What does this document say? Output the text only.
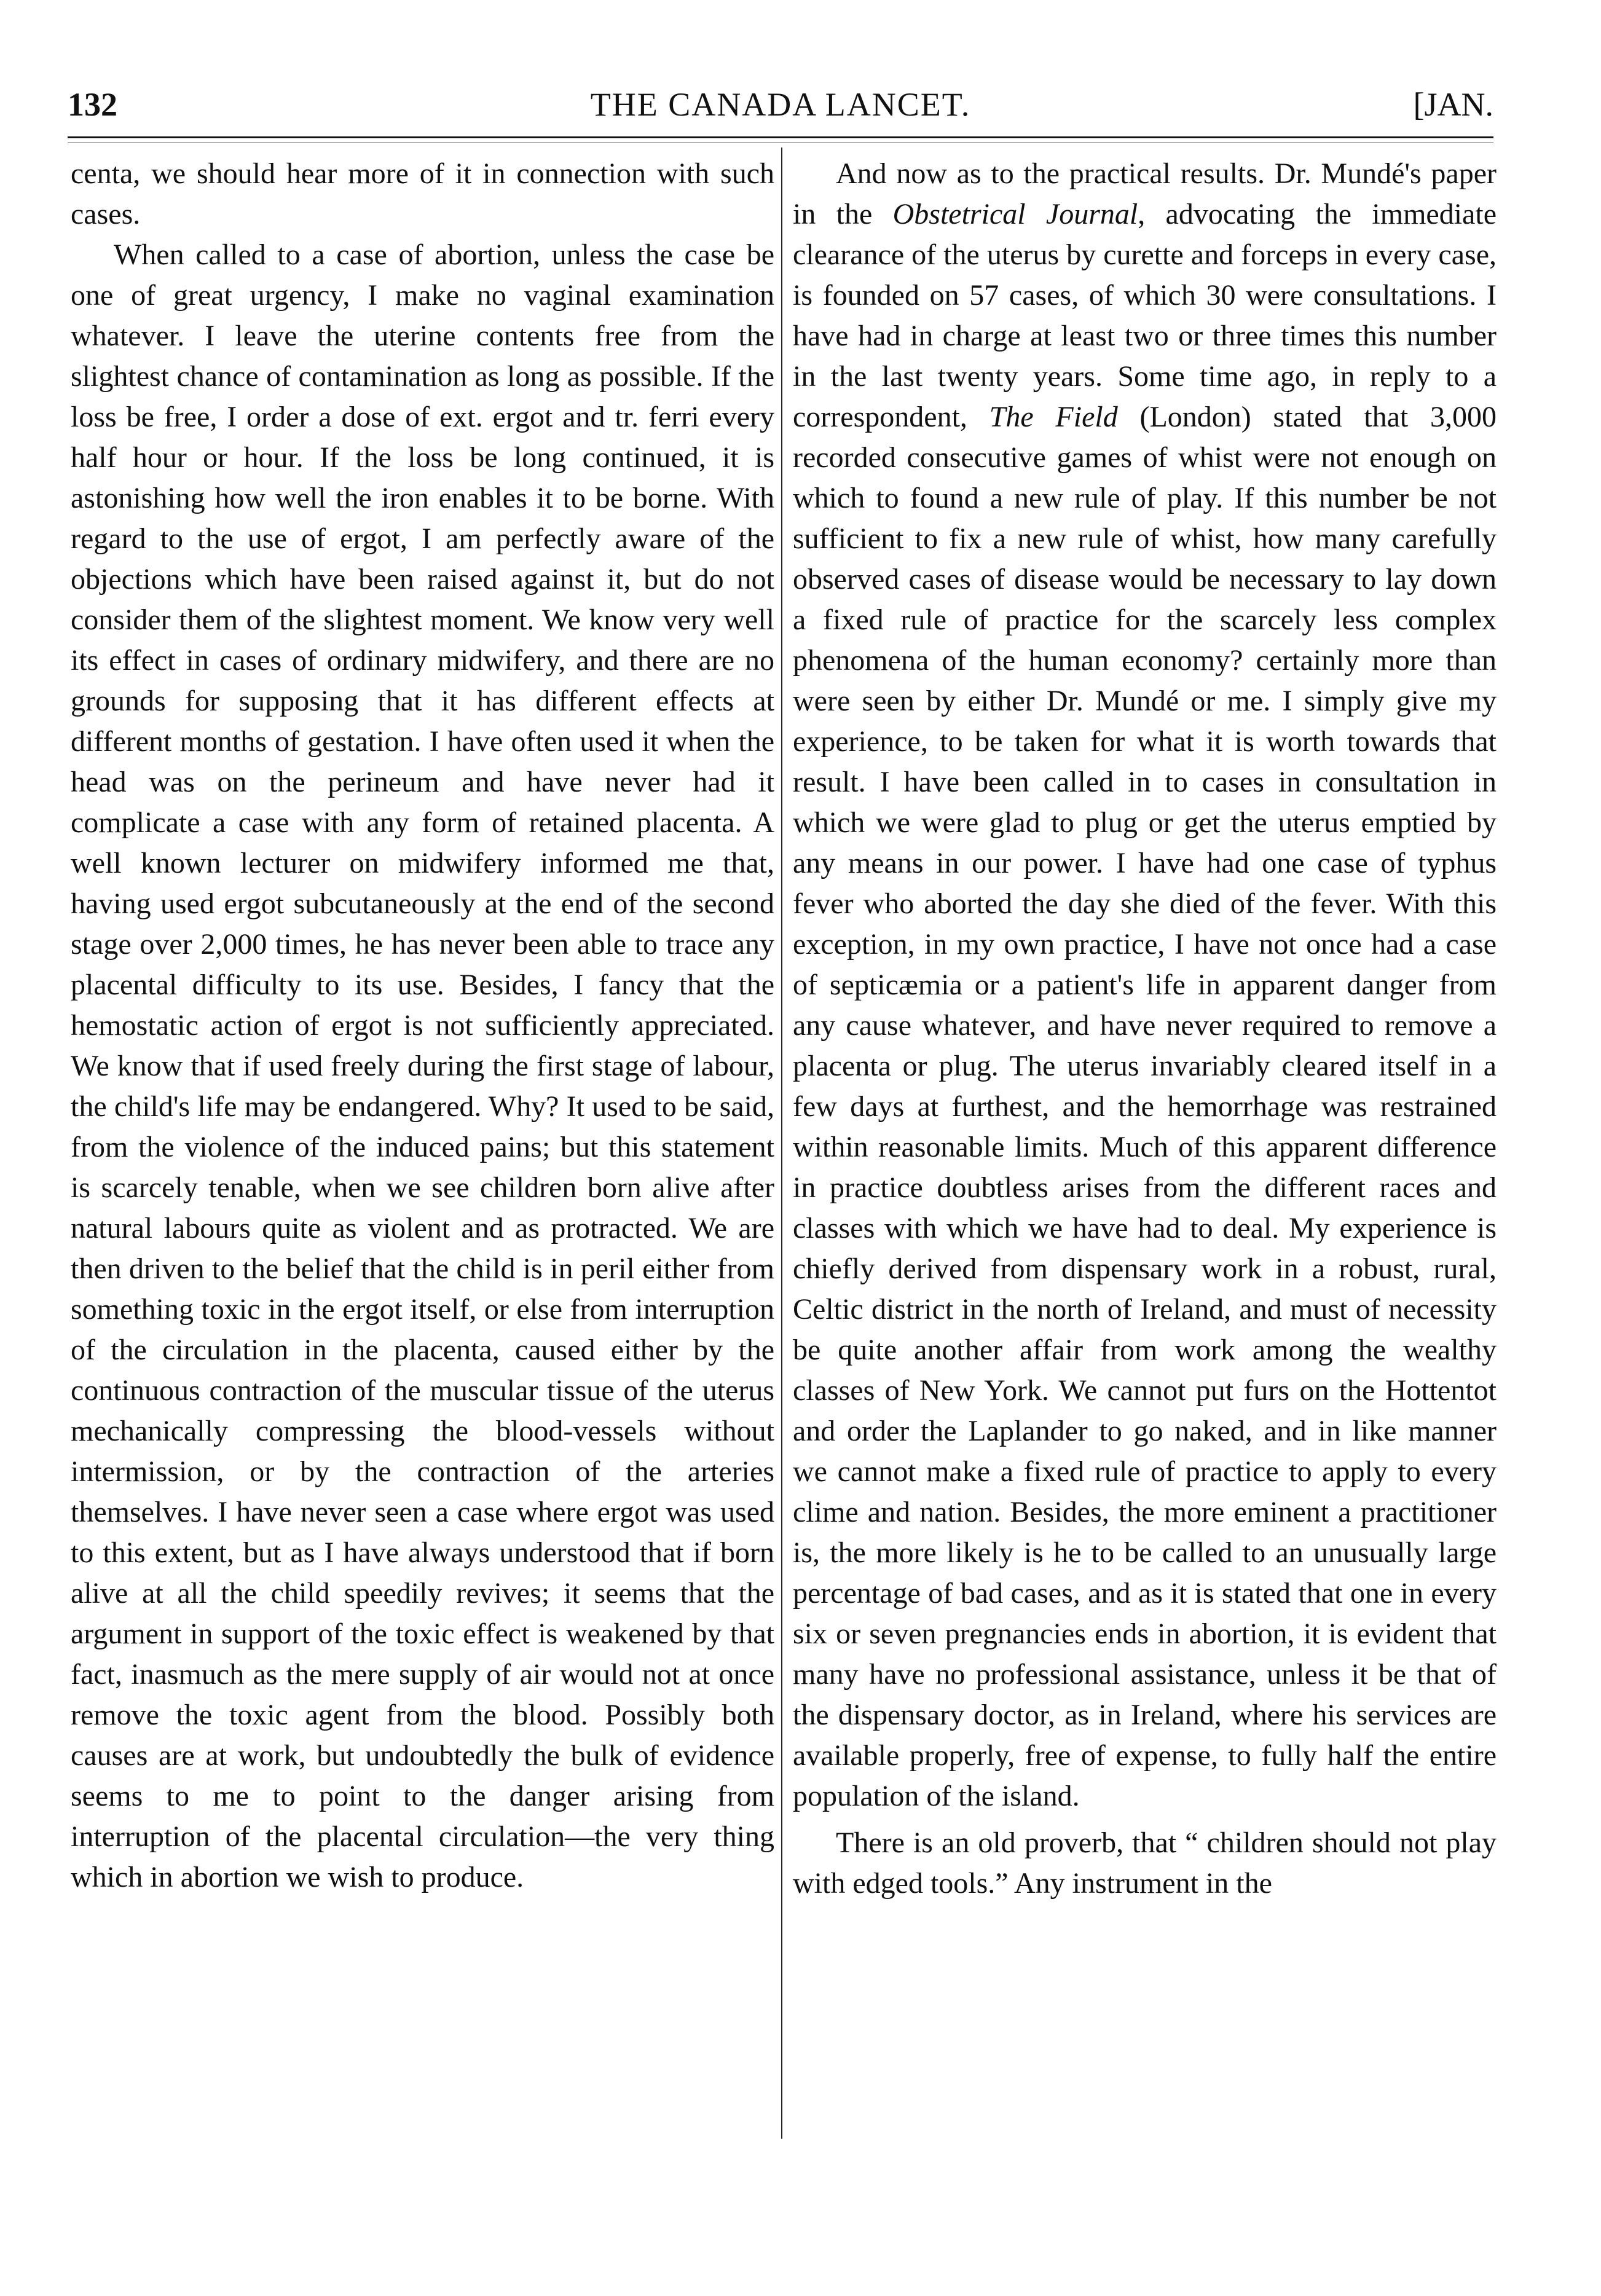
132	THE CANADA LANCET.	[JAN.

centa, we should hear more of it in connection with such cases.

When called to a case of abortion, unless the case be one of great urgency, I make no vaginal examination whatever. I leave the uterine contents free from the slightest chance of contamination as long as possible. If the loss be free, I order a dose of ext. ergot and tr. ferri every half hour or hour. If the loss be long continued, it is astonishing how well the iron enables it to be borne. With regard to the use of ergot, I am perfectly aware of the objections which have been raised against it, but do not consider them of the slightest moment. We know very well its effect in cases of ordinary midwifery, and there are no grounds for supposing that it has different effects at different months of gestation. I have often used it when the head was on the perineum and have never had it complicate a case with any form of retained placenta. A well known lecturer on midwifery informed me that, having used ergot subcutaneously at the end of the second stage over 2,000 times, he has never been able to trace any placental difficulty to its use. Besides, I fancy that the hemostatic action of ergot is not sufficiently appreciated. We know that if used freely during the first stage of labour, the child's life may be endangered. Why? It used to be said, from the violence of the induced pains; but this statement is scarcely tenable, when we see children born alive after natural labours quite as violent and as protracted. We are then driven to the belief that the child is in peril either from something toxic in the ergot itself, or else from interruption of the circulation in the placenta, caused either by the continuous contraction of the muscular tissue of the uterus mechanically compressing the blood-vessels without intermission, or by the contraction of the arteries themselves. I have never seen a case where ergot was used to this extent, but as I have always understood that if born alive at all the child speedily revives; it seems that the argument in support of the toxic effect is weakened by that fact, inasmuch as the mere supply of air would not at once remove the toxic agent from the blood. Possibly both causes are at work, but undoubtedly the bulk of evidence seems to me to point to the danger arising from interruption of the placental circulation—the very thing which in abortion we wish to produce.

And now as to the practical results. Dr. Mundé's paper in the Obstetrical Journal, advocating the immediate clearance of the uterus by curette and forceps in every case, is founded on 57 cases, of which 30 were consultations. I have had in charge at least two or three times this number in the last twenty years. Some time ago, in reply to a correspondent, The Field (London) stated that 3,000 recorded consecutive games of whist were not enough on which to found a new rule of play. If this number be not sufficient to fix a new rule of whist, how many carefully observed cases of disease would be necessary to lay down a fixed rule of practice for the scarcely less complex phenomena of the human economy? certainly more than were seen by either Dr. Mundé or me. I simply give my experience, to be taken for what it is worth towards that result. I have been called in to cases in consultation in which we were glad to plug or get the uterus emptied by any means in our power. I have had one case of typhus fever who aborted the day she died of the fever. With this exception, in my own practice, I have not once had a case of septicæmia or a patient's life in apparent danger from any cause whatever, and have never required to remove a placenta or plug. The uterus invariably cleared itself in a few days at furthest, and the hemorrhage was restrained within reasonable limits. Much of this apparent difference in practice doubtless arises from the different races and classes with which we have had to deal. My experience is chiefly derived from dispensary work in a robust, rural, Celtic district in the north of Ireland, and must of necessity be quite another affair from work among the wealthy classes of New York. We cannot put furs on the Hottentot and order the Laplander to go naked, and in like manner we cannot make a fixed rule of practice to apply to every clime and nation. Besides, the more eminent a practitioner is, the more likely is he to be called to an unusually large percentage of bad cases, and as it is stated that one in every six or seven pregnancies ends in abortion, it is evident that many have no professional assistance, unless it be that of the dispensary doctor, as in Ireland, where his services are available properly, free of expense, to fully half the entire population of the island.

There is an old proverb, that “ children should not play with edged tools.” Any instrument in the
